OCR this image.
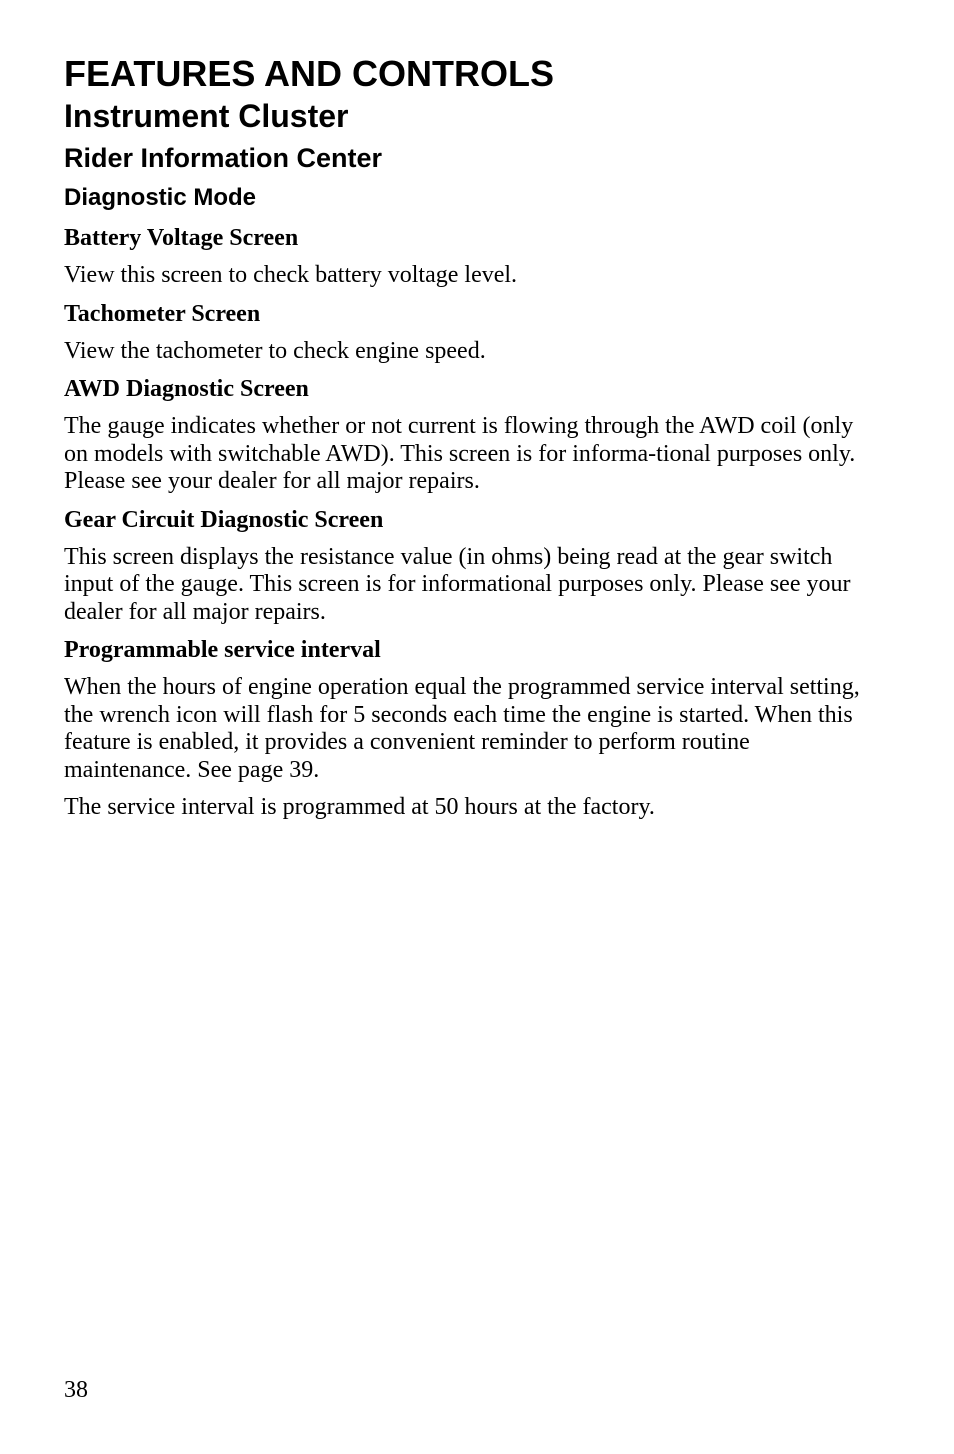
FEATURES AND CONTROLS
Instrument Cluster
Rider Information Center
Diagnostic Mode
Battery Voltage Screen

View this screen to check battery voltage level.

Tachometer Screen

View the tachometer to check engine speed.

AWD Diagnostic Screen

The gauge indicates whether or not current is flowing through the AWD coil (only on models with switchable AWD). This screen is for informa-tional purposes only. Please see your dealer for all major repairs.

Gear Circuit Diagnostic Screen

This screen displays the resistance value (in ohms) being read at the gear switch input of the gauge. This screen is for informational purposes only. Please see your dealer for all major repairs.

Programmable service interval

When the hours of engine operation equal the programmed service interval setting, the wrench icon will flash for 5 seconds each time the engine is started. When this feature is enabled, it provides a convenient reminder to perform routine maintenance. See page 39.

The service interval is programmed at 50 hours at the factory.

38
